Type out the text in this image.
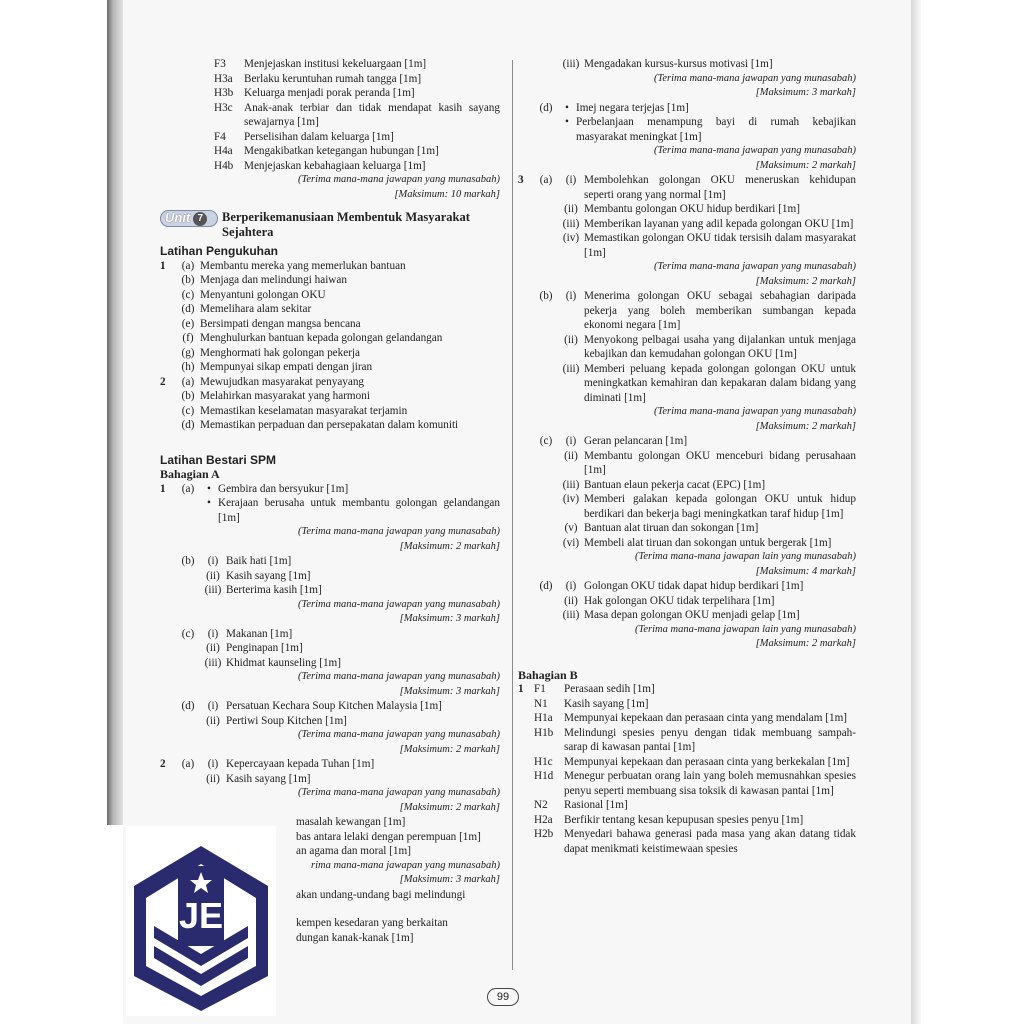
F3	Menjejaskan institusi kekeluargaan [1m]
H3a	Berlaku keruntuhan rumah tangga [1m]
H3b Keluarga menjadi porak peranda [1m]
H3c	Anak-anak terbiar dan tidak mendapat kasih sayang sewajarnya [1m]
F4	Perselisihan dalam keluarga [1m]
H4a	Mengakibatkan ketegangan hubungan [1m]
H4b Menjejaskan kebahagiaan keluarga [1m]
(Terima mana-mana jawapan yang munasabah)
[Maksimum: 10 markah]
Unit 7	Berperikemanusiaan Membentuk Masyarakat Sejahtera
Latihan Pengukuhan
1	(a) Membantu mereka yang memerlukan bantuan
(b) Menjaga dan melindungi haiwan
(c) Menyantuni golongan OKU
(d) Memelihara alam sekitar
(e) Bersimpati dengan mangsa bencana
(f) Menghulurkan bantuan kepada golongan gelandangan
(g) Menghormati hak golongan pekerja
(h) Mempunyai sikap empati dengan jiran
2	(a) Mewujudkan masyarakat penyayang
(b) Melahirkan masyarakat yang harmoni
(c) Memastikan keselamatan masyarakat terjamin
(d) Memastikan perpaduan dan persepakatan dalam komuniti
Latihan Bestari SPM
Bahagian A
1	(a)	• Gembira dan bersyukur [1m]
• Kerajaan berusaha untuk membantu golongan gelandangan [1m]
(Terima mana-mana jawapan yang munasabah)
[Maksimum: 2 markah]
(b)	(i) Baik hati [1m]
(ii) Kasih sayang [1m]
(iii) Berterima kasih [1m]
(Terima mana-mana jawapan yang munasabah)
[Maksimum: 3 markah]
(c)	(i) Makanan [1m]
(ii) Penginapan [1m]
(iii) Khidmat kaunseling [1m]
(Terima mana-mana jawapan yang munasabah)
[Maksimum: 3 markah]
(d)	(i) Persatuan Kechara Soup Kitchen Malaysia [1m]
(ii) Pertiwi Soup Kitchen [1m]
(Terima mana-mana jawapan yang munasabah)
[Maksimum: 2 markah]
2	(a)	(i) Kepercayaan kepada Tuhan [1m]
(ii) Kasih sayang [1m]
(Terima mana-mana jawapan yang munasabah)
[Maksimum: 2 markah]
masalah kewangan [1m]
bas antara lelaki dengan perempuan [1m]
an agama dan moral [1m]
rima mana-mana jawapan yang munasabah)
[Maksimum: 3 markah]
akan undang-undang bagi melindungi
kempen kesedaran yang berkaitan
dungan kanak-kanak [1m]
(iii) Mengadakan kursus-kursus motivasi [1m]
(Terima mana-mana jawapan yang munasabah)
[Maksimum: 3 markah]
(d)	• Imej negara terjejas [1m]
• Perbelanjaan menampung bayi di rumah kebajikan masyarakat meningkat [1m]
(Terima mana-mana jawapan yang munasabah)
[Maksimum: 2 markah]
3	(a)	(i) Membolehkan golongan OKU meneruskan kehidupan seperti orang yang normal [1m]
(ii) Membantu golongan OKU hidup berdikari [1m]
(iii) Memberikan layanan yang adil kepada golongan OKU [1m]
(iv) Memastikan golongan OKU tidak tersisih dalam masyarakat [1m]
(Terima mana-mana jawapan yang munasabah)
[Maksimum: 2 markah]
(b)	(i) Menerima golongan OKU sebagai sebahagian daripada pekerja yang boleh memberikan sumbangan kepada ekonomi negara [1m]
(ii) Menyokong pelbagai usaha yang dijalankan untuk menjaga kebajikan dan kemudahan golongan OKU [1m]
(iii) Memberi peluang kepada golongan golongan OKU untuk meningkatkan kemahiran dan kepakaran dalam bidang yang diminati [1m]
(Terima mana-mana jawapan yang munasabah)
[Maksimum: 2 markah]
(c)	(i) Geran pelancaran [1m]
(ii) Membantu golongan OKU menceburi bidang perusahaan [1m]
(iii) Bantuan elaun pekerja cacat (EPC) [1m]
(iv) Memberi galakan kepada golongan OKU untuk hidup berdikari dan bekerja bagi meningkatkan taraf hidup [1m]
(v) Bantuan alat tiruan dan sokongan [1m]
(vi) Membeli alat tiruan dan sokongan untuk bergerak [1m]
(Terima mana-mana jawapan lain yang munasabah)
[Maksimum: 4 markah]
(d)	(i) Golongan OKU tidak dapat hidup berdikari [1m]
(ii) Hak golongan OKU tidak terpelihara [1m]
(iii) Masa depan golongan OKU menjadi gelap [1m]
(Terima mana-mana jawapan lain yang munasabah)
[Maksimum: 2 markah]
Bahagian B
1 F1	Perasaan sedih [1m]
N1	Kasih sayang [1m]
H1a	Mempunyai kepekaan dan perasaan cinta yang mendalam [1m]
H1b Melindungi spesies penyu dengan tidak membuang sampah-sarap di kawasan pantai [1m]
H1c	Mempunyai kepekaan dan perasaan cinta yang berkekalan [1m]
H1d Menegur perbuatan orang lain yang boleh memusnahkan spesies penyu seperti membuang sisa toksik di kawasan pantai [1m]
N2	Rasional [1m]
H2a	Berfikir tentang kesan kepupusan spesies penyu [1m]
H2b Menyedari bahawa generasi pada masa yang akan datang tidak dapat menikmati keistimewaan spesies
JE
99
